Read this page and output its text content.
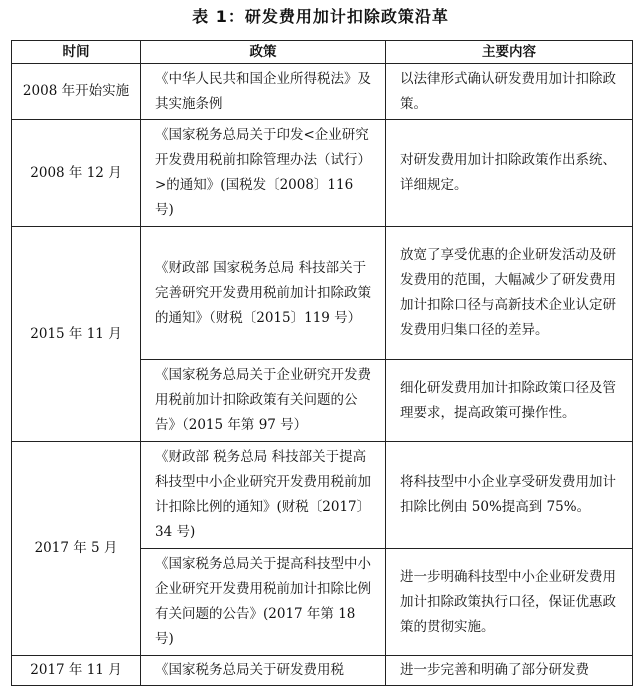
表 1：研发费用加计扣除政策沿革
时间	政策	主要内容
2008 年开始实施	《中华人民共和国企业所得税法》及其实施条例	以法律形式确认研发费用加计扣除政策。
2008 年 12 月	《国家税务总局关于印发<企业研究开发费用税前扣除管理办法（试行）>的通知》(国税发〔2008〕116 号)	对研发费用加计扣除政策作出系统、详细规定。
2015 年 11 月	《财政部 国家税务总局 科技部关于完善研究开发费用税前加计扣除政策的通知》（财税〔2015〕119 号）	放宽了享受优惠的企业研发活动及研发费用的范围，大幅减少了研发费用加计扣除口径与高新技术企业认定研发费用归集口径的差异。
	《国家税务总局关于企业研究开发费用税前加计扣除政策有关问题的公告》（2015 年第 97 号）	细化研发费用加计扣除政策口径及管理要求，提高政策可操作性。
2017 年 5 月	《财政部 税务总局 科技部关于提高科技型中小企业研究开发费用税前加计扣除比例的通知》(财税〔2017〕34 号)	将科技型中小企业享受研发费用加计扣除比例由 50%提高到 75%。
	《国家税务总局关于提高科技型中小企业研究开发费用税前加计扣除比例有关问题的公告》(2017 年第 18 号)	进一步明确科技型中小企业研发费用加计扣除政策执行口径，保证优惠政策的贯彻实施。
2017 年 11 月	《国家税务总局关于研发费用税	进一步完善和明确了部分研发费
